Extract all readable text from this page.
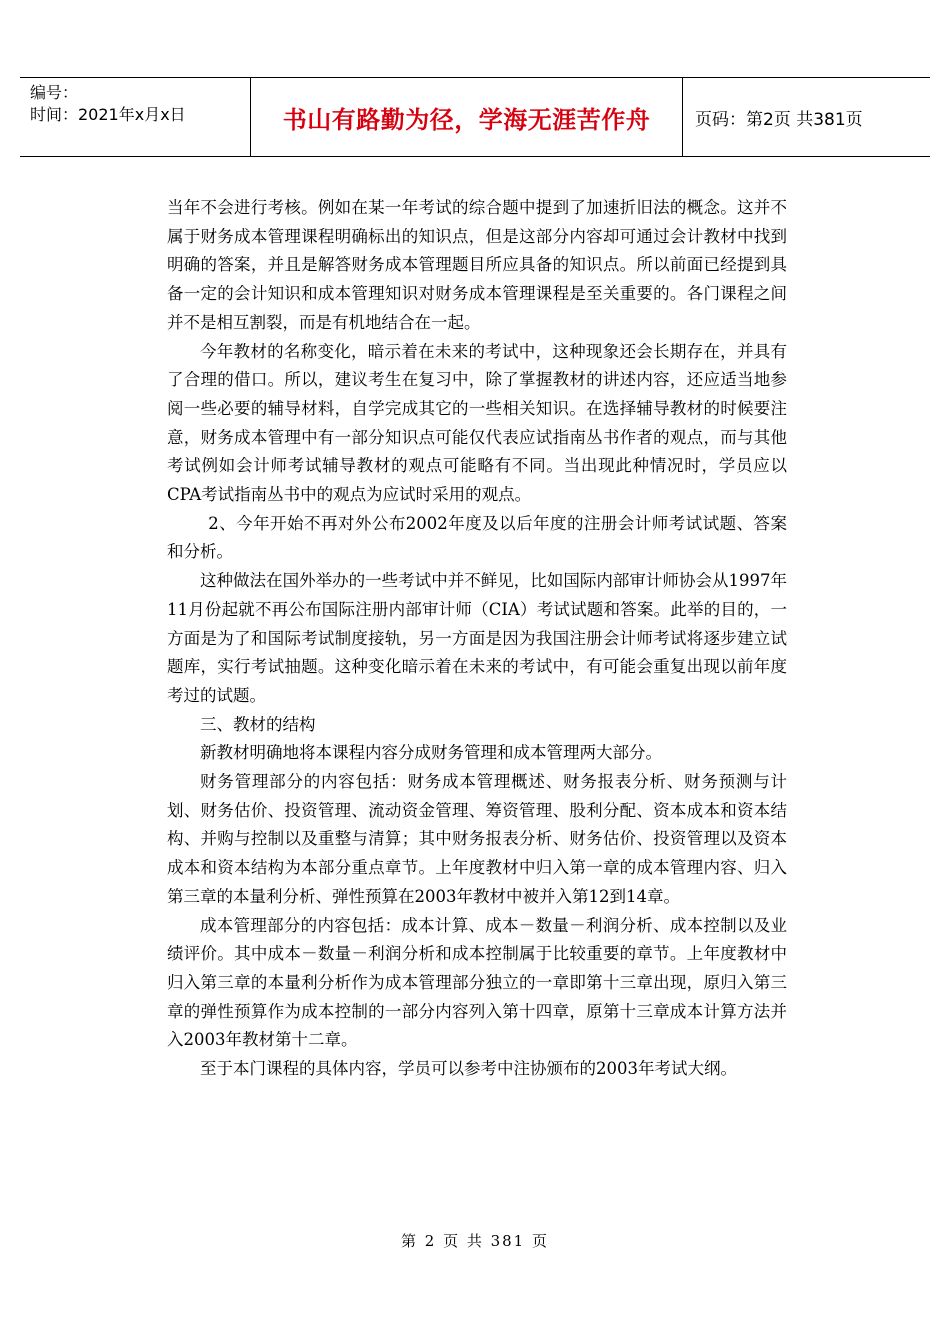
编号：
时间：2021年x月x日	书山有路勤为径，学海无涯苦作舟	页码：第2页 共381页

当年不会进行考核。例如在某一年考试的综合题中提到了加速折旧法的概念。这并不属于财务成本管理课程明确标出的知识点，但是这部分内容却可通过会计教材中找到明确的答案，并且是解答财务成本管理题目所应具备的知识点。所以前面已经提到具备一定的会计知识和成本管理知识对财务成本管理课程是至关重要的。各门课程之间并不是相互割裂，而是有机地结合在一起。

今年教材的名称变化，暗示着在未来的考试中，这种现象还会长期存在，并具有了合理的借口。所以，建议考生在复习中，除了掌握教材的讲述内容，还应适当地参阅一些必要的辅导材料，自学完成其它的一些相关知识。在选择辅导教材的时候要注意，财务成本管理中有一部分知识点可能仅代表应试指南丛书作者的观点，而与其他考试例如会计师考试辅导教材的观点可能略有不同。当出现此种情况时，学员应以CPA考试指南丛书中的观点为应试时采用的观点。

2、今年开始不再对外公布2002年度及以后年度的注册会计师考试试题、答案和分析。

这种做法在国外举办的一些考试中并不鲜见，比如国际内部审计师协会从1997年11月份起就不再公布国际注册内部审计师（CIA）考试试题和答案。此举的目的，一方面是为了和国际考试制度接轨，另一方面是因为我国注册会计师考试将逐步建立试题库，实行考试抽题。这种变化暗示着在未来的考试中，有可能会重复出现以前年度考过的试题。

三、教材的结构

新教材明确地将本课程内容分成财务管理和成本管理两大部分。

财务管理部分的内容包括：财务成本管理概述、财务报表分析、财务预测与计划、财务估价、投资管理、流动资金管理、筹资管理、股利分配、资本成本和资本结构、并购与控制以及重整与清算；其中财务报表分析、财务估价、投资管理以及资本成本和资本结构为本部分重点章节。上年度教材中归入第一章的成本管理内容、归入第三章的本量利分析、弹性预算在2003年教材中被并入第12到14章。

成本管理部分的内容包括：成本计算、成本－数量－利润分析、成本控制以及业绩评价。其中成本－数量－利润分析和成本控制属于比较重要的章节。上年度教材中归入第三章的本量利分析作为成本管理部分独立的一章即第十三章出现，原归入第三章的弹性预算作为成本控制的一部分内容列入第十四章，原第十三章成本计算方法并入2003年教材第十二章。

至于本门课程的具体内容，学员可以参考中注协颁布的2003年考试大纲。

第 2 页 共 381 页
